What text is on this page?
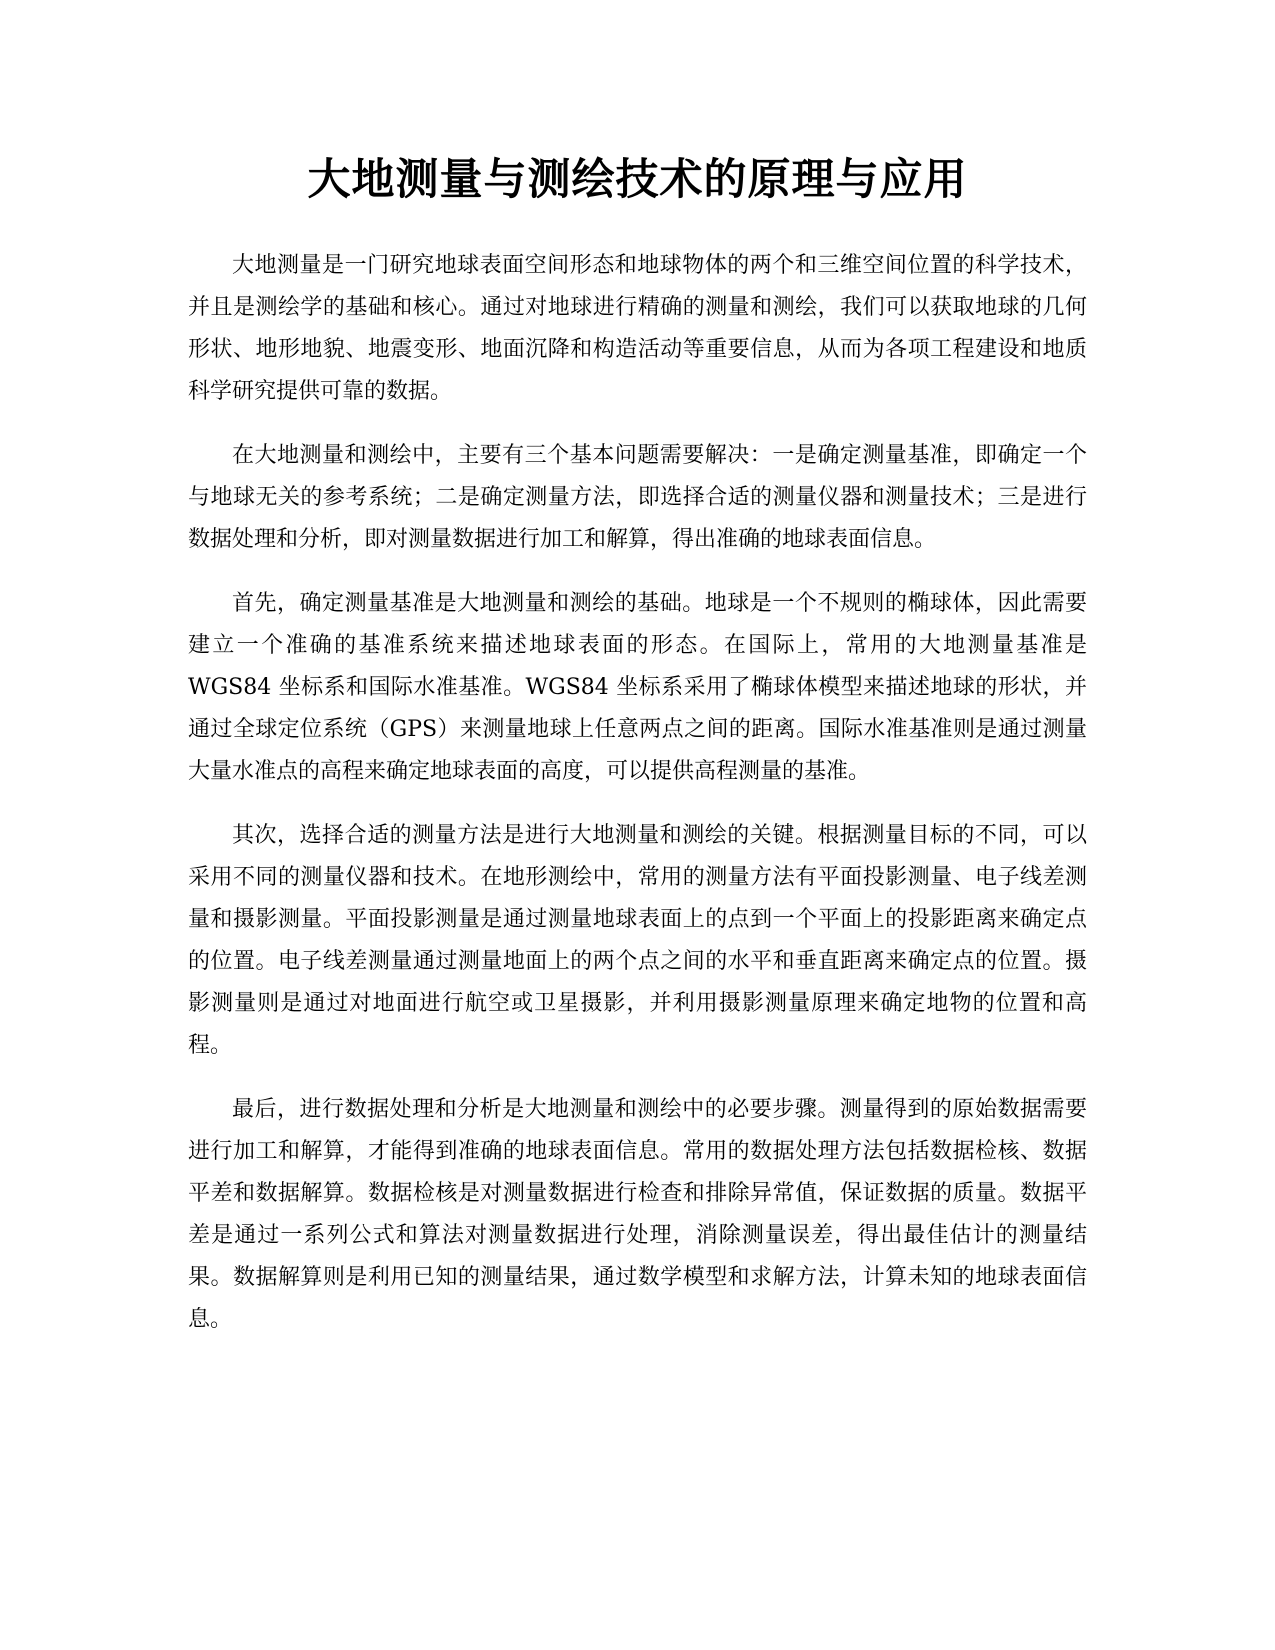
大地测量与测绘技术的原理与应用

大地测量是一门研究地球表面空间形态和地球物体的两个和三维空间位置的科学技术，并且是测绘学的基础和核心。通过对地球进行精确的测量和测绘，我们可以获取地球的几何形状、地形地貌、地震变形、地面沉降和构造活动等重要信息，从而为各项工程建设和地质科学研究提供可靠的数据。

在大地测量和测绘中，主要有三个基本问题需要解决：一是确定测量基准，即确定一个与地球无关的参考系统；二是确定测量方法，即选择合适的测量仪器和测量技术；三是进行数据处理和分析，即对测量数据进行加工和解算，得出准确的地球表面信息。

首先，确定测量基准是大地测量和测绘的基础。地球是一个不规则的椭球体，因此需要建立一个准确的基准系统来描述地球表面的形态。在国际上，常用的大地测量基准是 WGS84 坐标系和国际水准基准。WGS84 坐标系采用了椭球体模型来描述地球的形状，并通过全球定位系统（GPS）来测量地球上任意两点之间的距离。国际水准基准则是通过测量大量水准点的高程来确定地球表面的高度，可以提供高程测量的基准。

其次，选择合适的测量方法是进行大地测量和测绘的关键。根据测量目标的不同，可以采用不同的测量仪器和技术。在地形测绘中，常用的测量方法有平面投影测量、电子线差测量和摄影测量。平面投影测量是通过测量地球表面上的点到一个平面上的投影距离来确定点的位置。电子线差测量通过测量地面上的两个点之间的水平和垂直距离来确定点的位置。摄影测量则是通过对地面进行航空或卫星摄影，并利用摄影测量原理来确定地物的位置和高程。

最后，进行数据处理和分析是大地测量和测绘中的必要步骤。测量得到的原始数据需要进行加工和解算，才能得到准确的地球表面信息。常用的数据处理方法包括数据检核、数据平差和数据解算。数据检核是对测量数据进行检查和排除异常值，保证数据的质量。数据平差是通过一系列公式和算法对测量数据进行处理，消除测量误差，得出最佳估计的测量结果。数据解算则是利用已知的测量结果，通过数学模型和求解方法，计算未知的地球表面信息。
